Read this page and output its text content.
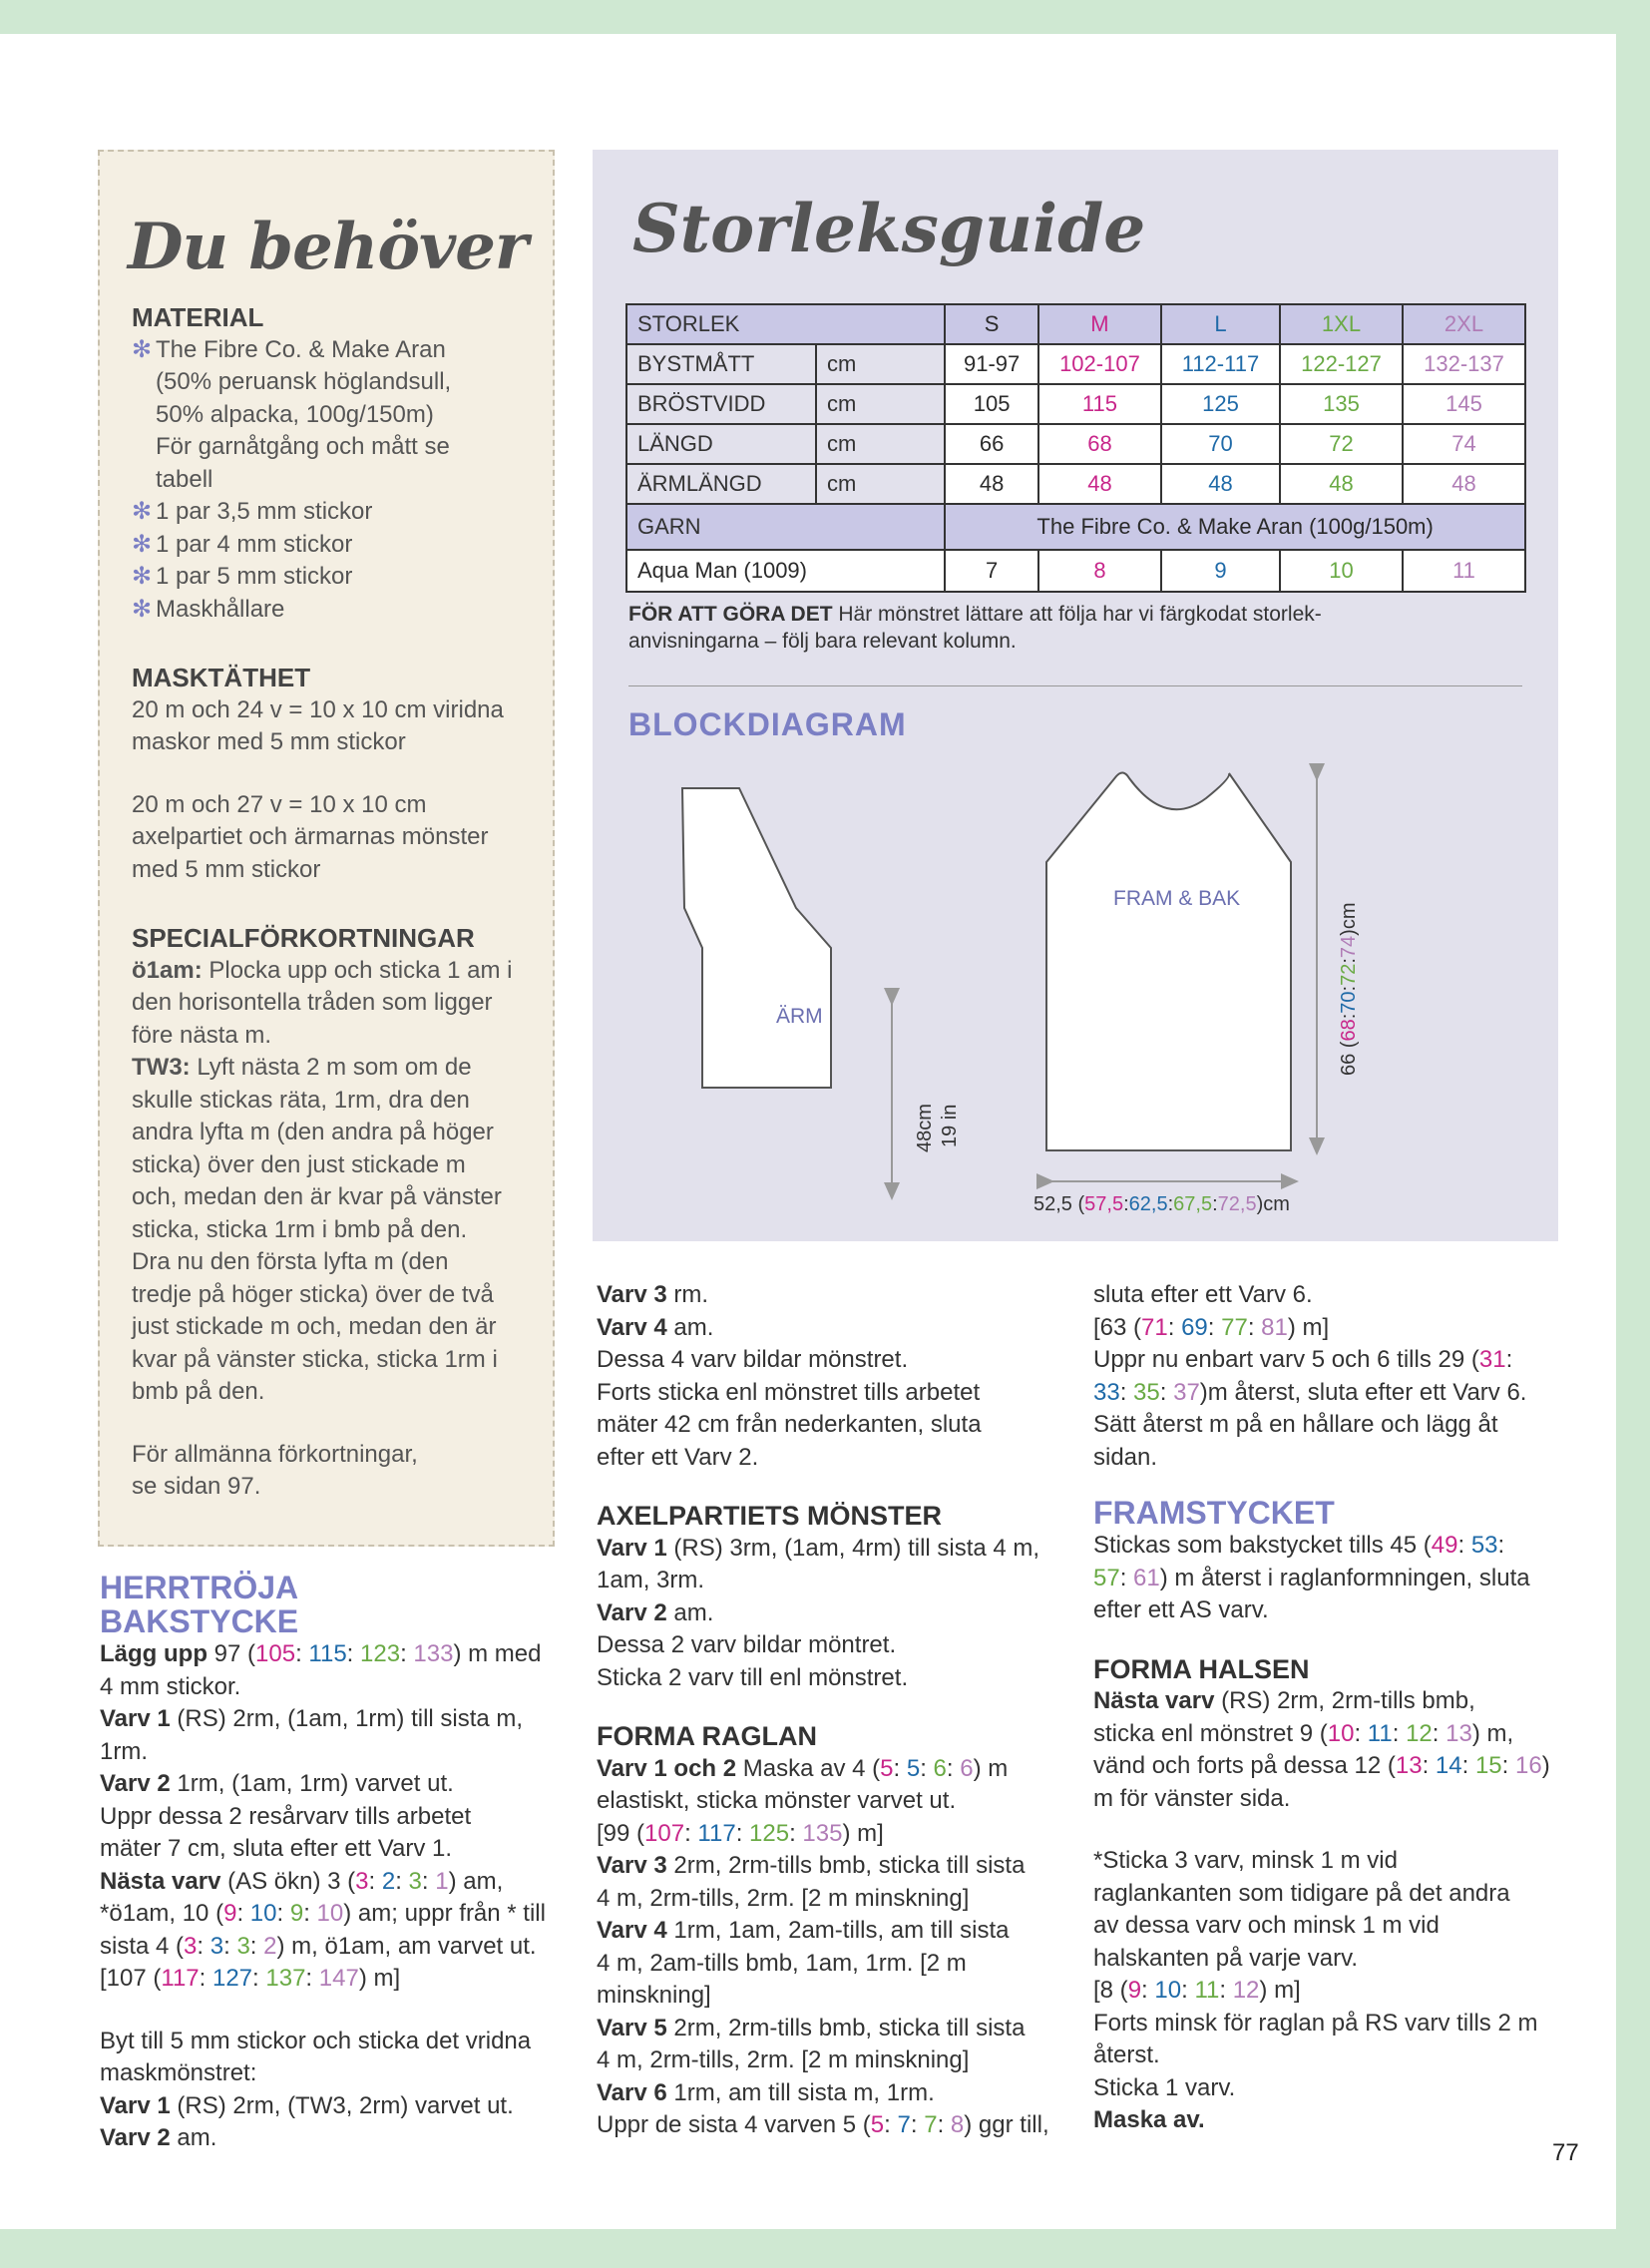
Du behöver
MATERIAL
✻ The Fibre Co. & Make Aran
(50% peruansk höglandsull,
50% alpacka, 100g/150m)
För garnåtgång och mått se
tabell
✻ 1 par 3,5 mm stickor
✻ 1 par 4 mm stickor
✻ 1 par 5 mm stickor
✻ Maskhållare
MASKTÄTHET
20 m och 24 v = 10 x 10 cm viridna
maskor med 5 mm stickor
20 m och 27 v = 10 x 10 cm
axelpartiet och ärmarnas mönster
med 5 mm stickor
SPECIALFÖRKORTNINGAR
ö1am: Plocka upp och sticka 1 am i
den horisontella tråden som ligger
före nästa m.
TW3: Lyft nästa 2 m som om de
skulle stickas räta, 1rm, dra den
andra lyfta m (den andra på höger
sticka) över den just stickade m
och, medan den är kvar på vänster
sticka, sticka 1rm i bmb på den.
Dra nu den första lyfta m (den
tredje på höger sticka) över de två
just stickade m och, medan den är
kvar på vänster sticka, sticka 1rm i
bmb på den.
För allmänna förkortningar,
se sidan 97.
Storleksguide
STORLEK		S	M	L	1XL	2XL
BYSTMÅTT	cm	91-97	102-107	112-117	122-127	132-137
BRÖSTVIDD	cm	105	115	125	135	145
LÄNGD	cm	66	68	70	72	74
ÄRMLÄNGD	cm	48	48	48	48	48
GARN		The Fibre Co. & Make Aran (100g/150m)				
Aqua Man (1009)		7	8	9	10	11
FÖR ATT GÖRA DET Här mönstret lättare att följa har vi färgkodat storlek-
anvisningarna – följ bara relevant kolumn.
BLOCKDIAGRAM
ÄRM
48cm 19 in
FRAM & BAK
66 (68:70:72:74)cm
52,5 (57,5:62,5:67,5:72,5)cm
HERRTRÖJA
BAKSTYCKE
Lägg upp 97 (105: 115: 123: 133) m med
4 mm stickor.
Varv 1 (RS) 2rm, (1am, 1rm) till sista m,
1rm.
Varv 2 1rm, (1am, 1rm) varvet ut.
Uppr dessa 2 resårvarv tills arbetet
mäter 7 cm, sluta efter ett Varv 1.
Nästa varv (AS ökn) 3 (3: 2: 3: 1) am,
*ö1am, 10 (9: 10: 9: 10) am; uppr från * till
sista 4 (3: 3: 3: 2) m, ö1am, am varvet ut.
[107 (117: 127: 137: 147) m]
Byt till 5 mm stickor och sticka det vridna
maskmönstret:
Varv 1 (RS) 2rm, (TW3, 2rm) varvet ut.
Varv 2 am.
Varv 3 rm.
Varv 4 am.
Dessa 4 varv bildar mönstret.
Forts sticka enl mönstret tills arbetet
mäter 42 cm från nederkanten, sluta
efter ett Varv 2.
AXELPARTIETS MÖNSTER
Varv 1 (RS) 3rm, (1am, 4rm) till sista 4 m,
1am, 3rm.
Varv 2 am.
Dessa 2 varv bildar möntret.
Sticka 2 varv till enl mönstret.
FORMA RAGLAN
Varv 1 och 2 Maska av 4 (5: 5: 6: 6) m
elastiskt, sticka mönster varvet ut.
[99 (107: 117: 125: 135) m]
Varv 3 2rm, 2rm-tills bmb, sticka till sista
4 m, 2rm-tills, 2rm. [2 m minskning]
Varv 4 1rm, 1am, 2am-tills, am till sista
4 m, 2am-tills bmb, 1am, 1rm. [2 m
minskning]
Varv 5 2rm, 2rm-tills bmb, sticka till sista
4 m, 2rm-tills, 2rm. [2 m minskning]
Varv 6 1rm, am till sista m, 1rm.
Uppr de sista 4 varven 5 (5: 7: 7: 8) ggr till,
sluta efter ett Varv 6.
[63 (71: 69: 77: 81) m]
Uppr nu enbart varv 5 och 6 tills 29 (31:
33: 35: 37)m återst, sluta efter ett Varv 6.
Sätt återst m på en hållare och lägg åt
sidan.
FRAMSTYCKET
Stickas som bakstycket tills 45 (49: 53:
57: 61) m återst i raglanformningen, sluta
efter ett AS varv.
FORMA HALSEN
Nästa varv (RS) 2rm, 2rm-tills bmb,
sticka enl mönstret 9 (10: 11: 12: 13) m,
vänd och forts på dessa 12 (13: 14: 15: 16)
m för vänster sida.
*Sticka 3 varv, minsk 1 m vid
raglankanten som tidigare på det andra
av dessa varv och minsk 1 m vid
halskanten på varje varv.
[8 (9: 10: 11: 12) m]
Forts minsk för raglan på RS varv tills 2 m
återst.
Sticka 1 varv.
Maska av.
77
